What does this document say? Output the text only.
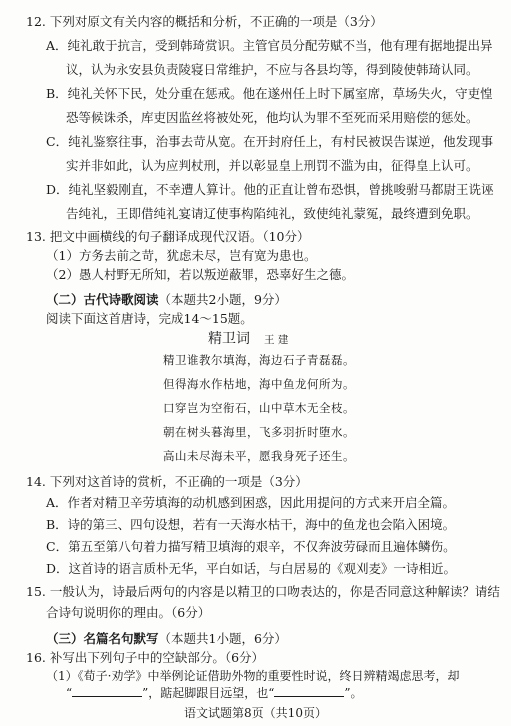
12. 下列对原文有关内容的概括和分析，不正确的一项是（3分）
A．纯礼敢于抗言，受到韩琦赏识。主管官员分配劳赋不当，他有理有据地提出异
议，认为永安县负责陵寝日常维护，不应与各县均等，得到陵使韩琦认同。
B．纯礼关怀下民，处分重在惩戒。他在遂州任上时下属室席，草场失火，守吏惶
恐等候诛杀，库吏因监丝将被处死，他均认为罪不至死而采用赔偿的惩处。
C．纯礼鉴察往事，治事去苛从宽。在开封府任上，有村民被误告谋逆，他发现事
实并非如此，认为应判杖刑，并以彰显皇上刑罚不滥为由，征得皇上认可。
D．纯礼坚毅刚直，不幸遭人算计。他的正直让曾布恐惧，曾挑唆驸马都尉王诜诬
告纯礼，王即借纯礼宴请辽使事构陷纯礼，致使纯礼蒙冤，最终遭到免职。
13. 把文中画横线的句子翻译成现代汉语。（10分）
（1）方务去前之苛，犹虑未尽，岂有宽为患也。
（2）愚人村野无所知，若以叛逆蔽罪，恐辜好生之德。
（二）古代诗歌阅读（本题共2小题，9分）
阅读下面这首唐诗，完成14～15题。
精卫词 王 建
精卫谁教尔填海，海边石子青磊磊。
但得海水作枯地，海中鱼龙何所为。
口穿岂为空衔石，山中草木无全枝。
朝在树头暮海里，飞多羽折时堕水。
高山未尽海未平，愿我身死子还生。
14. 下列对这首诗的赏析，不正确的一项是（3分）
A．作者对精卫辛劳填海的动机感到困惑，因此用提问的方式来开启全篇。
B．诗的第三、四句设想，若有一天海水枯干，海中的鱼龙也会陷入困境。
C．第五至第八句着力描写精卫填海的艰辛，不仅奔波劳碌而且遍体鳞伤。
D．这首诗的语言质朴无华，平白如话，与白居易的《观刈麦》一诗相近。
15. 一般认为，诗最后两句的内容是以精卫的口吻表达的，你是否同意这种解读？请结
合诗句说明你的理由。（6分）
（三）名篇名句默写（本题共1小题，6分）
16. 补写出下列句子中的空缺部分。（6分）
（1）《荀子·劝学》中举例论证借助外物的重要性时说，终日辨精竭虑思考，却
“	”，踮起脚跟目远望，也“	”。
语文试题第8页（共10页）
